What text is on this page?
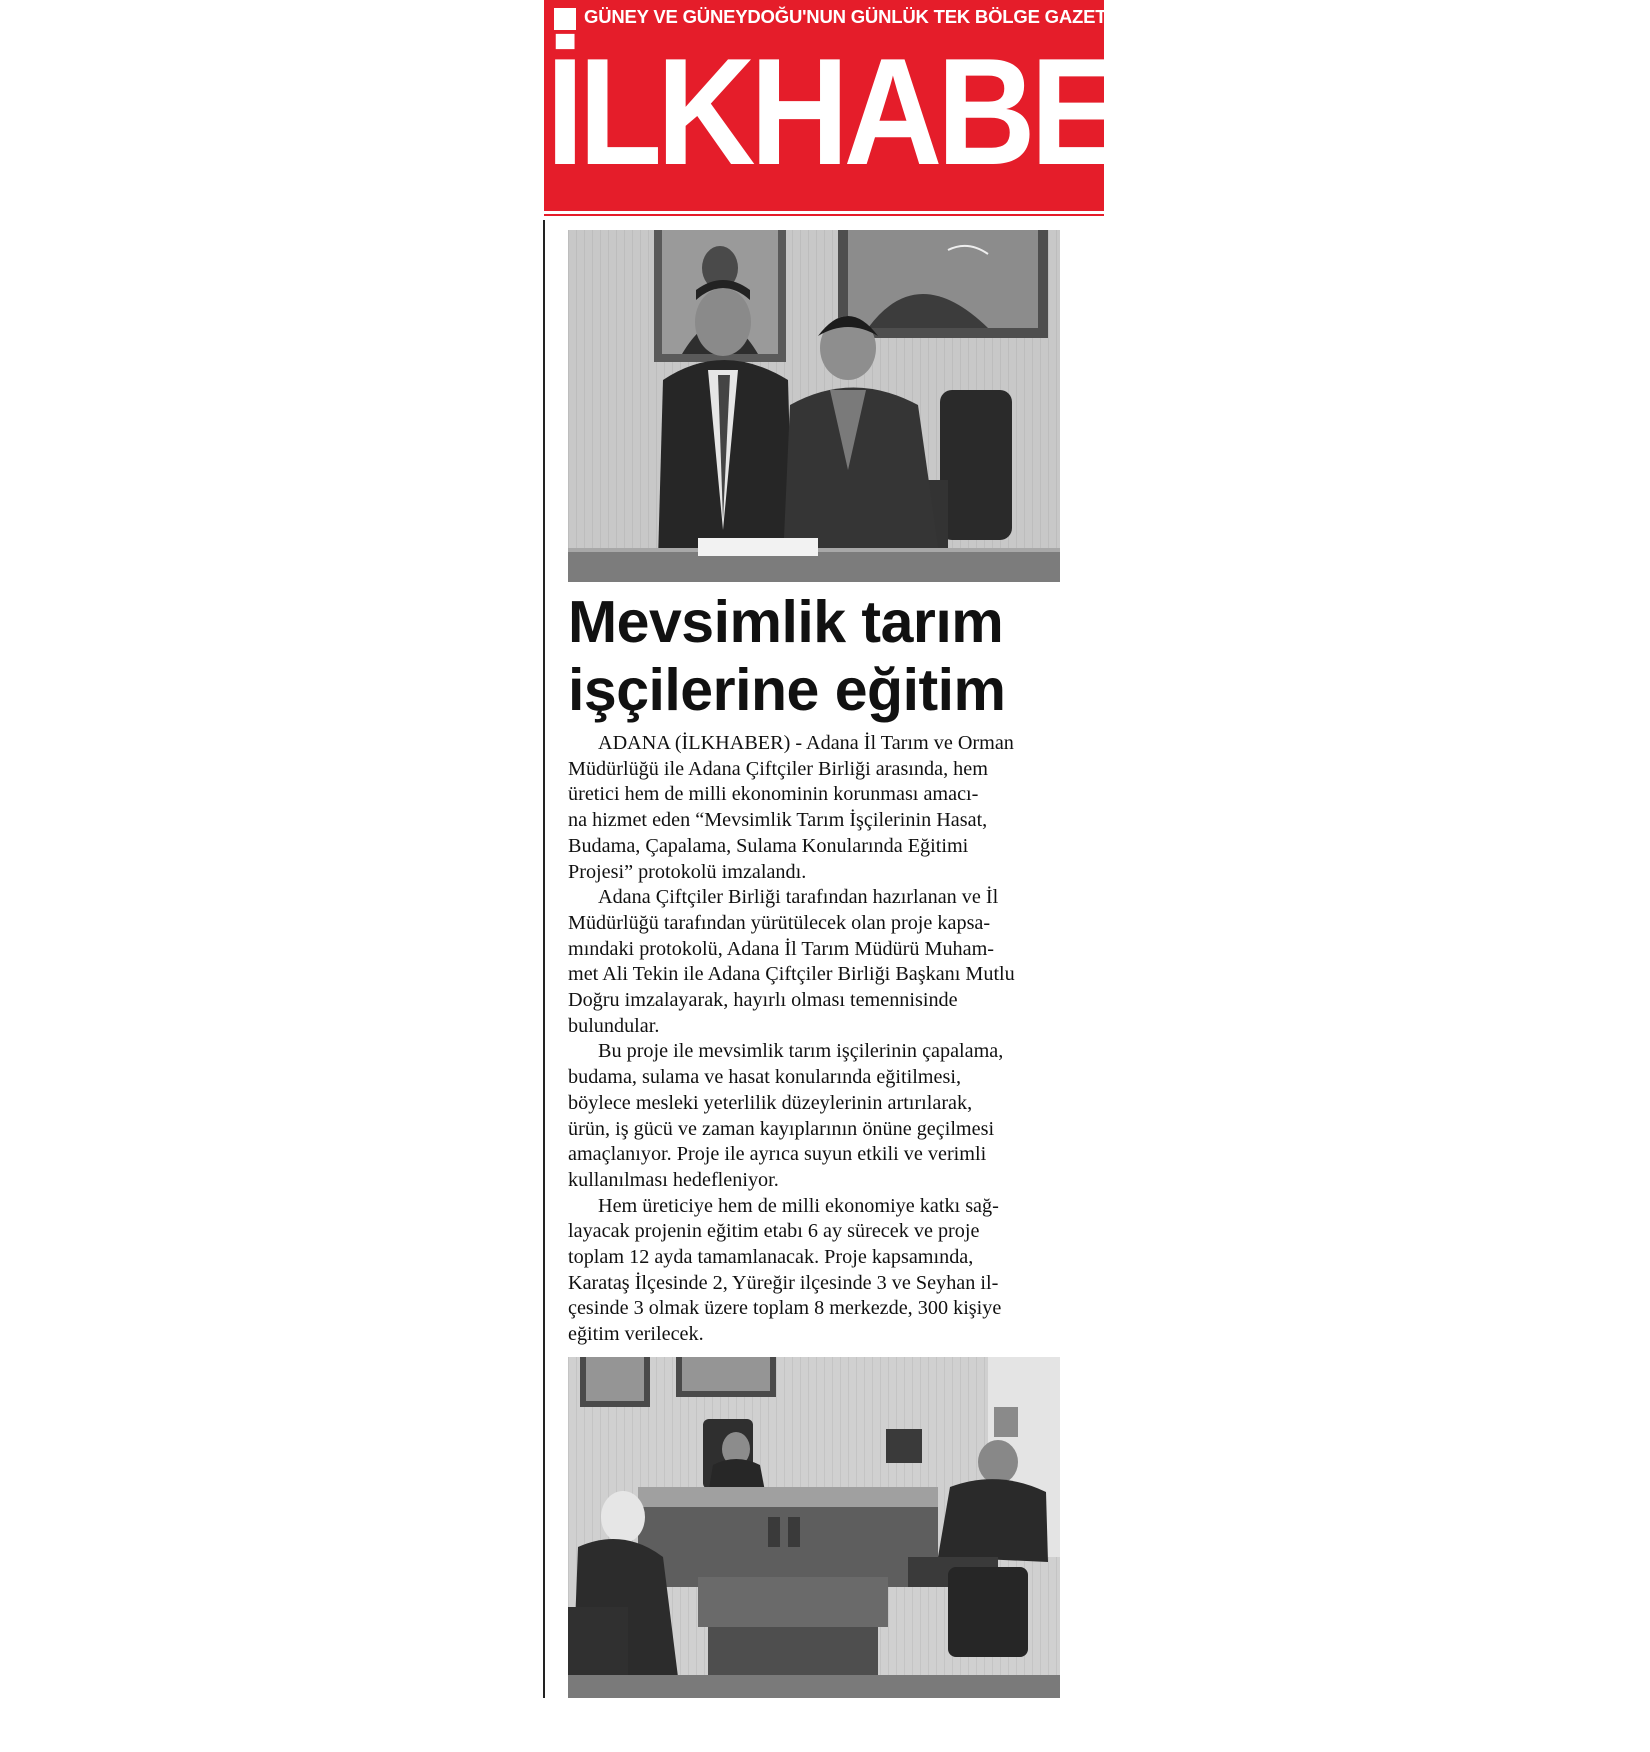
GÜNEY VE GÜNEYDOĞU'NUN GÜNLÜK TEK BÖLGE GAZETESİ
İLKHABER
Mevsimlik tarım
işçilerine eğitim
ADANA (İLKHABER) - Adana İl Tarım ve Orman
Müdürlüğü ile Adana Çiftçiler Birliği arasında, hem
üretici hem de milli ekonominin korunması amacı-
na hizmet eden “Mevsimlik Tarım İşçilerinin Hasat,
Budama, Çapalama, Sulama Konularında Eğitimi
Projesi” protokolü imzalandı.
Adana Çiftçiler Birliği tarafından hazırlanan ve İl
Müdürlüğü tarafından yürütülecek olan proje kapsa-
mındaki protokolü, Adana İl Tarım Müdürü Muham-
met Ali Tekin ile Adana Çiftçiler Birliği Başkanı Mutlu
Doğru imzalayarak, hayırlı olması temennisinde
bulundular.
Bu proje ile mevsimlik tarım işçilerinin çapalama,
budama, sulama ve hasat konularında eğitilmesi,
böylece mesleki yeterlilik düzeylerinin artırılarak,
ürün, iş gücü ve zaman kayıplarının önüne geçilmesi
amaçlanıyor. Proje ile ayrıca suyun etkili ve verimli
kullanılması hedefleniyor.
Hem üreticiye hem de milli ekonomiye katkı sağ-
layacak projenin eğitim etabı 6 ay sürecek ve proje
toplam 12 ayda tamamlanacak. Proje kapsamında,
Karataş İlçesinde 2, Yüreğir ilçesinde 3 ve Seyhan il-
çesinde 3 olmak üzere toplam 8 merkezde, 300 kişiye
eğitim verilecek.
